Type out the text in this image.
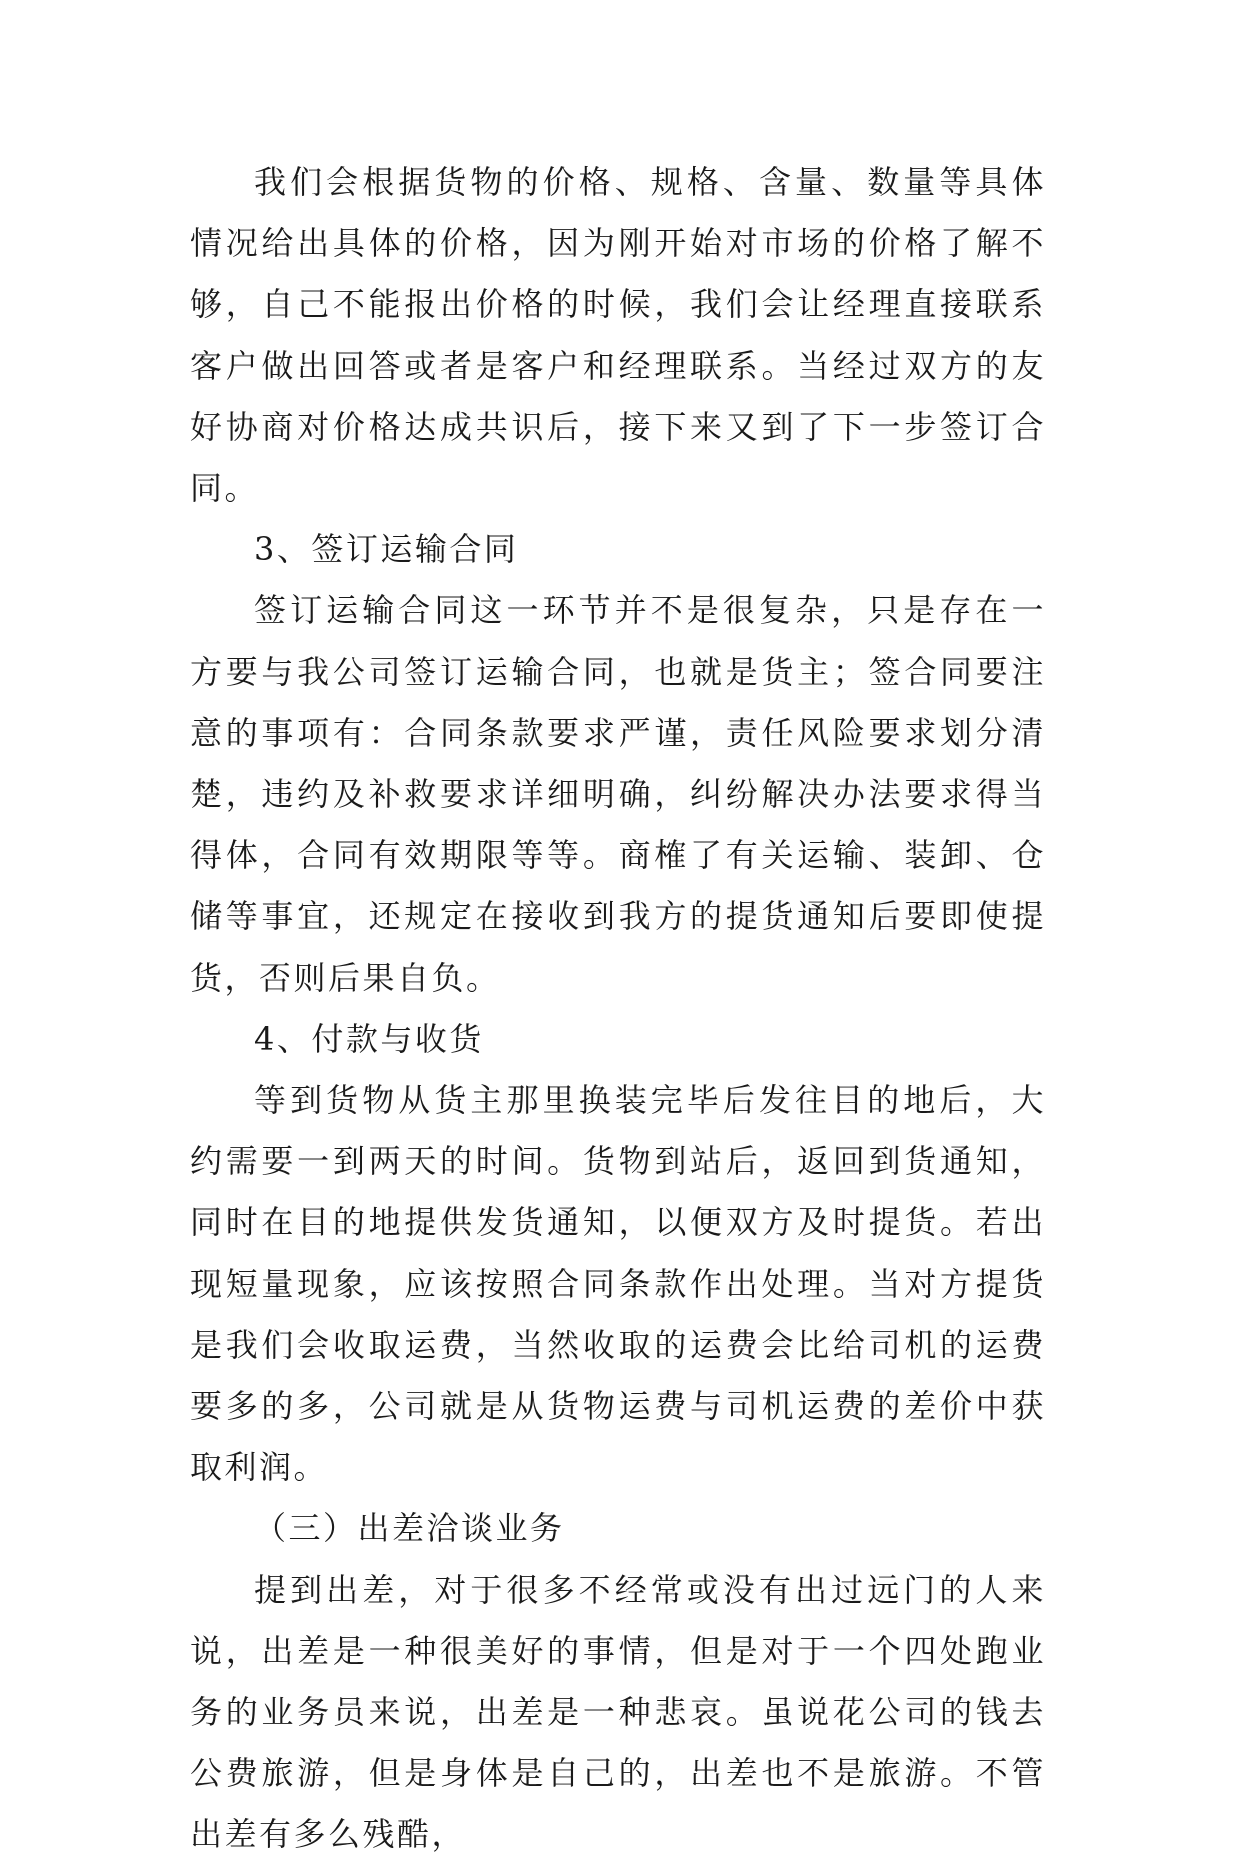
我们会根据货物的价格、规格、含量、数量等具体情况给出具体的价格，因为刚开始对市场的价格了解不够，自己不能报出价格的时候，我们会让经理直接联系客户做出回答或者是客户和经理联系。当经过双方的友好协商对价格达成共识后，接下来又到了下一步签订合同。

3、签订运输合同

签订运输合同这一环节并不是很复杂，只是存在一方要与我公司签订运输合同，也就是货主；签合同要注意的事项有：合同条款要求严谨，责任风险要求划分清楚，违约及补救要求详细明确，纠纷解决办法要求得当得体，合同有效期限等等。商榷了有关运输、装卸、仓储等事宜，还规定在接收到我方的提货通知后要即使提货，否则后果自负。

4、付款与收货

等到货物从货主那里换装完毕后发往目的地后，大约需要一到两天的时间。货物到站后，返回到货通知，同时在目的地提供发货通知，以便双方及时提货。若出现短量现象，应该按照合同条款作出处理。当对方提货是我们会收取运费，当然收取的运费会比给司机的运费要多的多，公司就是从货物运费与司机运费的差价中获取利润。

（三）出差洽谈业务

提到出差，对于很多不经常或没有出过远门的人来说，出差是一种很美好的事情，但是对于一个四处跑业务的业务员来说，出差是一种悲哀。虽说花公司的钱去公费旅游，但是身体是自己的，出差也不是旅游。不管出差有多么残酷，
